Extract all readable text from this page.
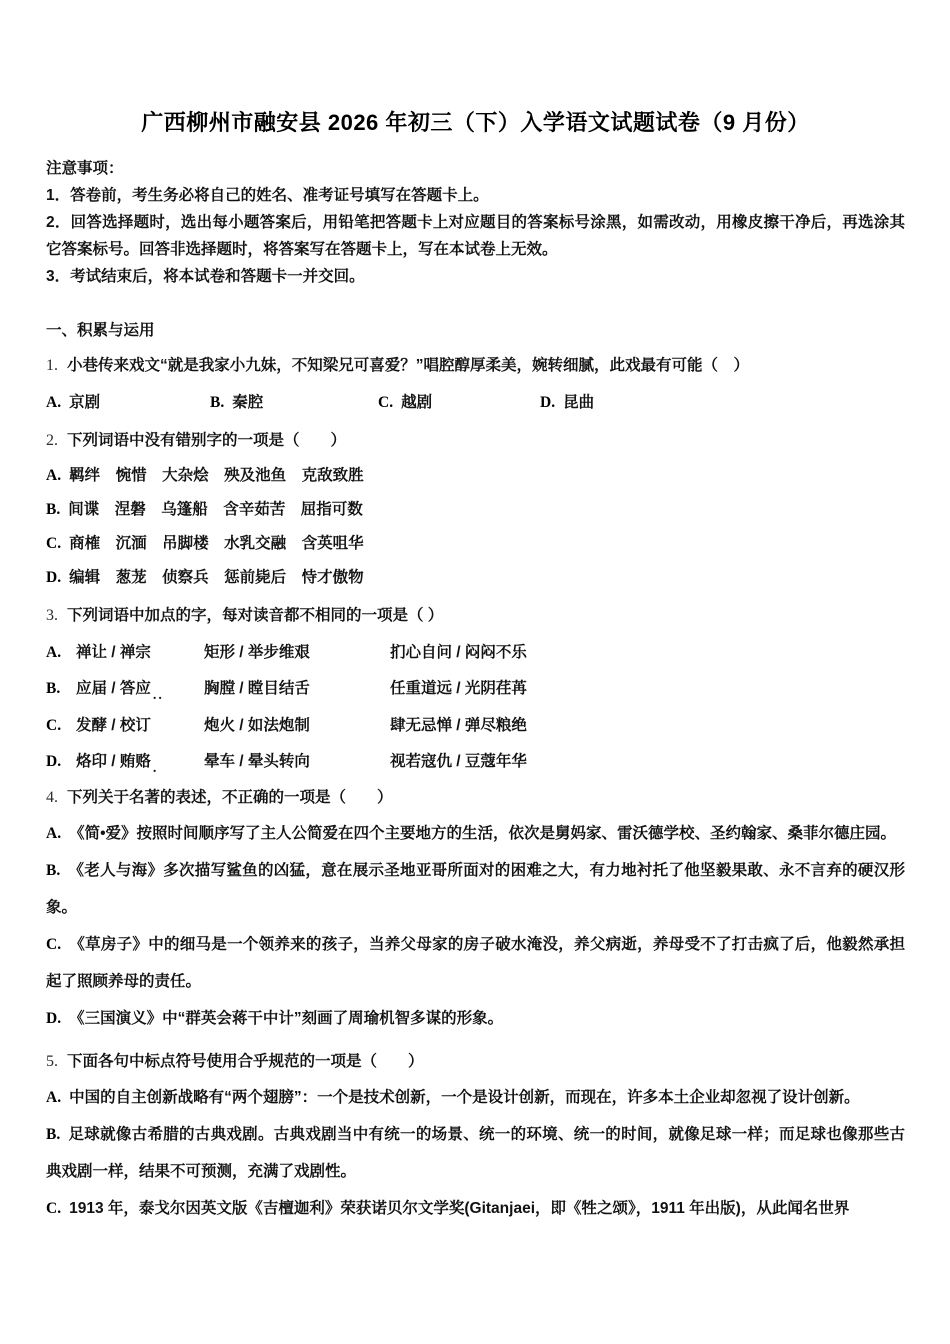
广西柳州市融安县 2026 年初三（下）入学语文试题试卷（9 月份）
注意事项：

1．答卷前，考生务必将自己的姓名、准考证号填写在答题卡上。

2．回答选择题时，选出每小题答案后，用铅笔把答题卡上对应题目的答案标号涂黑，如需改动，用橡皮擦干净后，再选涂其它答案标号。回答非选择题时，将答案写在答题卡上，写在本试卷上无效。

3．考试结束后，将本试卷和答题卡一并交回。

一、积累与运用
1. 小巷传来戏文“就是我家小九妹，不知梁兄可喜爱？”唱腔醇厚柔美，婉转细腻，此戏最有可能（　）
A. 京剧	B. 秦腔	C. 越剧	D. 昆曲
2. 下列词语中没有错别字的一项是（　　）
A. 羁绊　惋惜　大杂烩　殃及池鱼　克敌致胜
B. 间谍　涅磐　乌篷船　含辛茹苦　屈指可数
C. 商榷　沉湎　吊脚楼　水乳交融　含英咀华
D. 编辑　葱茏　侦察兵　惩前毙后　恃才傲物
3. 下列词语中加点的字，每对读音都不相同的一项是（ ）
A. 禅让 / 禅宗	矩形 / 举步维艰	扪心自问 / 闷闷不乐
B.	应届 / 答应 ..	胸膛 / 瞠目结舌	任重道远 / 光阴荏苒
C. 发酵 / 校订	炮火 / 如法炮制	肆无忌惮 / 弹尽粮绝
D. 烙印 / 贿赂 .	晕车 / 晕头转向	视若寇仇 / 豆蔻年华
4. 下列关于名著的表述，不正确的一项是（　　）

A. 《简•爱》按照时间顺序写了主人公简爱在四个主要地方的生活，依次是舅妈家、雷沃德学校、圣约翰家、桑菲尔德庄园。

B. 《老人与海》多次描写鲨鱼的凶猛，意在展示圣地亚哥所面对的困难之大，有力地衬托了他坚毅果敢、永不言弃的硬汉形象。

C. 《草房子》中的细马是一个领养来的孩子，当养父母家的房子破水淹没，养父病逝，养母受不了打击疯了后，他毅然承担起了照顾养母的责任。

D. 《三国演义》中“群英会蒋干中计”刻画了周瑜机智多谋的形象。

5. 下面各句中标点符号使用合乎规范的一项是（　　）

A. 中国的自主创新战略有“两个翅膀”：一个是技术创新，一个是设计创新，而现在，许多本土企业却忽视了设计创新。

B. 足球就像古希腊的古典戏剧。古典戏剧当中有统一的场景、统一的环境、统一的时间，就像足球一样；而足球也像那些古典戏剧一样，结果不可预测，充满了戏剧性。

C. 1913 年，泰戈尔因英文版《吉檀迦利》荣获诺贝尔文学奖(Gitanjaei，即《牲之颂》，1911 年出版)，从此闻名世界
